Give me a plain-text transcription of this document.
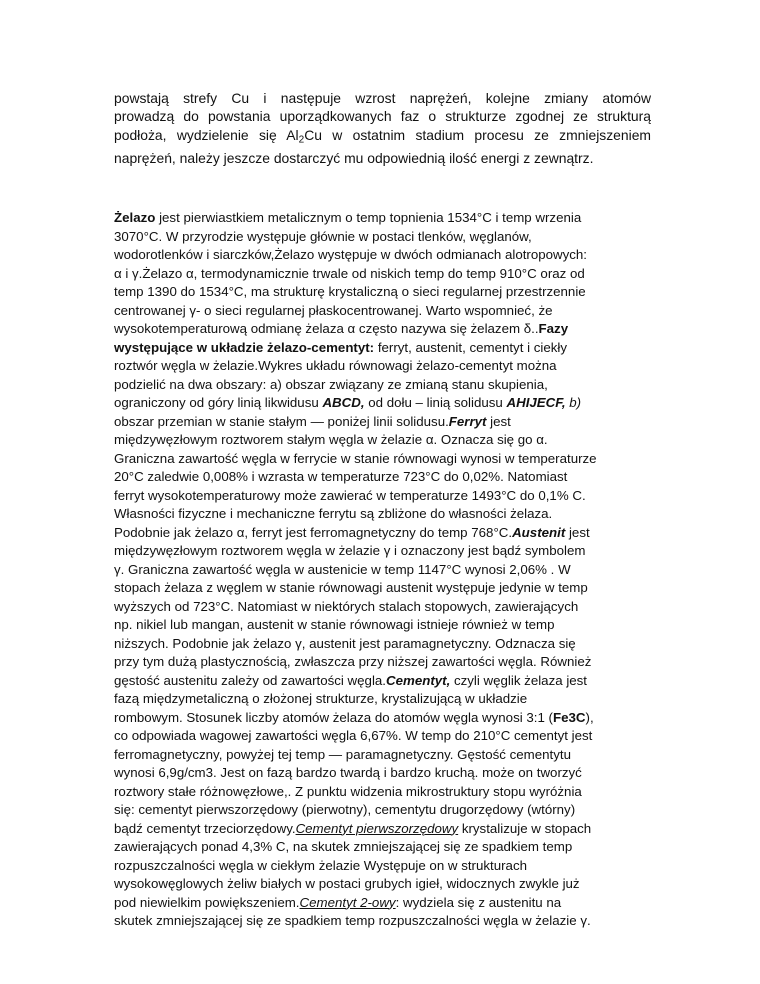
powstają strefy Cu i następuje wzrost naprężeń, kolejne zmiany atomów
prowadzą do powstania uporządkowanych faz o strukturze zgodnej ze strukturą
podłoża, wydzielenie się $Al_2Cu$ w ostatnim stadium procesu ze zmniejszeniem
naprężeń, należy jeszcze dostarczyć mu odpowiednią ilość energi z zewnątrz.
Żelazo jest pierwiastkiem metalicznym o temp topnienia 1534°C i temp wrzenia
3070°C. W przyrodzie występuje głównie w postaci tlenków, węglanów,
wodorotlenków i siarczków,Żelazo występuje w dwóch odmianach alotropowych:
α i γ.Żelazo α, termodynamicznie trwale od niskich temp do temp 910°C oraz od
temp 1390 do 1534°C, ma strukturę krystaliczną o sieci regularnej przestrzennie
centrowanej γ- o sieci regularnej płaskocentrowanej. Warto wspomnieć, że
wysokotemperaturową odmianę żelaza α często nazywa się żelazem δ..Fazy
występujące w układzie żelazo-cementyt: ferryt, austenit, cementyt i ciekły
roztwór węgla w żelazie.Wykres układu równowagi żelazo-cementyt można
podzielić na dwa obszary: a) obszar związany ze zmianą stanu skupienia,
ograniczony od góry linią likwidusu ABCD, od dołu – linią solidusu AHIJECF, b)
obszar przemian w stanie stałym — poniżej linii solidusu.Ferryt jest
międzywęzłowym roztworem stałym węgla w żelazie α. Oznacza się go α.
Graniczna zawartość węgla w ferrycie w stanie równowagi wynosi w temperaturze
20°C zaledwie 0,008% i wzrasta w temperaturze 723°C do 0,02%. Natomiast
ferryt wysokotemperaturowy może zawierać w temperaturze 1493°C do 0,1% C.
Własności fizyczne i mechaniczne ferrytu są zbliżone do własności żelaza.
Podobnie jak żelazo α, ferryt jest ferromagnetyczny do temp 768°C.Austenit jest
międzywęzłowym roztworem węgla w żelazie γ i oznaczony jest bądź symbolem
γ. Graniczna zawartość węgla w austenicie w temp 1147°C wynosi 2,06% . W
stopach żelaza z węglem w stanie równowagi austenit występuje jedynie w temp
wyższych od 723°C. Natomiast w niektórych stalach stopowych, zawierających
np. nikiel lub mangan, austenit w stanie równowagi istnieje również w temp
niższych. Podobnie jak żelazo γ, austenit jest paramagnetyczny. Odznacza się
przy tym dużą plastycznością, zwłaszcza przy niższej zawartości węgla. Również
gęstość austenitu zależy od zawartości węgla.Cementyt, czyli węglik żelaza jest
fazą międzymetaliczną o złożonej strukturze, krystalizującą w układzie
rombowym. Stosunek liczby atomów żelaza do atomów węgla wynosi 3:1 (Fe3C),
co odpowiada wagowej zawartości węgla 6,67%. W temp do 210°C cementyt jest
ferromagnetyczny, powyżej tej temp — paramagnetyczny. Gęstość cementytu
wynosi 6,9g/cm3. Jest on fazą bardzo twardą i bardzo kruchą. może on tworzyć
roztwory stałe różnowęzłowe,. Z punktu widzenia mikrostruktury stopu wyróżnia
się: cementyt pierwszorzędowy (pierwotny), cementytu drugorzędowy (wtórny)
bądź cementyt trzeciorzędowy.Cementyt pierwszorzędowy krystalizuje w stopach
zawierających ponad 4,3% C, na skutek zmniejszającej się ze spadkiem temp
rozpuszczalności węgla w ciekłym żelazie Występuje on w strukturach
wysokowęglowych żeliw białych w postaci grubych igieł, widocznych zwykle już
pod niewielkim powiększeniem.Cementyt 2-owy: wydziela się z austenitu na
skutek zmniejszającej się ze spadkiem temp rozpuszczalności węgla w żelazie γ.
